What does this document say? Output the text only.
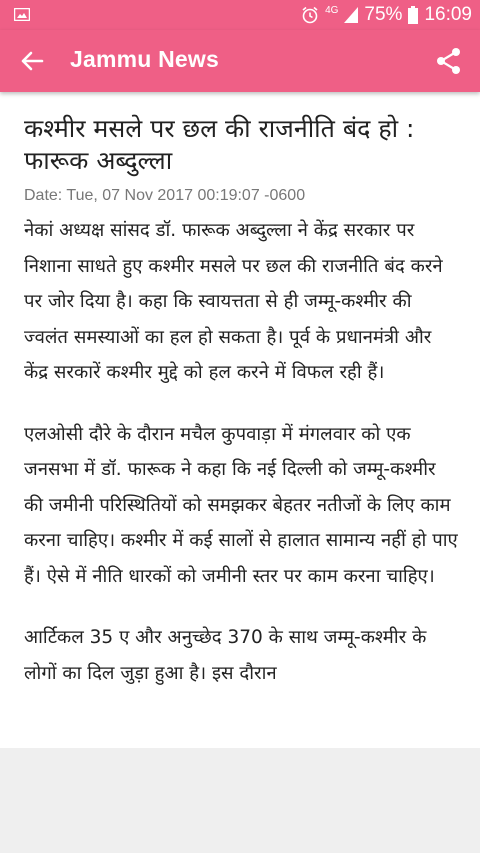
4G 75% 16:09
Jammu News
कश्मीर मसले पर छल की राजनीति बंद हो : फारूक अब्दुल्ला
Date: Tue, 07 Nov 2017 00:19:07 -0600

नेकां अध्यक्ष सांसद डॉ. फारूक अब्दुल्ला ने केंद्र सरकार पर निशाना साधते हुए कश्मीर मसले पर छल की राजनीति बंद करने पर जोर दिया है। कहा कि स्वायत्तता से ही जम्मू-कश्मीर की ज्वलंत समस्याओं का हल हो सकता है। पूर्व के प्रधानमंत्री और केंद्र सरकारें कश्मीर मुद्दे को हल करने में विफल रही हैं।

एलओसी दौरे के दौरान मचैल कुपवाड़ा में मंगलवार को एक जनसभा में डॉ. फारूक ने कहा कि नई दिल्ली को जम्मू-कश्मीर की जमीनी परिस्थितियों को समझकर बेहतर नतीजों के लिए काम करना चाहिए। कश्मीर में कई सालों से हालात सामान्य नहीं हो पाए हैं। ऐसे में नीति धारकों को जमीनी स्तर पर काम करना चाहिए।

आर्टिकल 35 ए और अनुच्छेद 370 के साथ जम्मू-कश्मीर के लोगों का दिल जुड़ा हुआ है। इस दौरान
